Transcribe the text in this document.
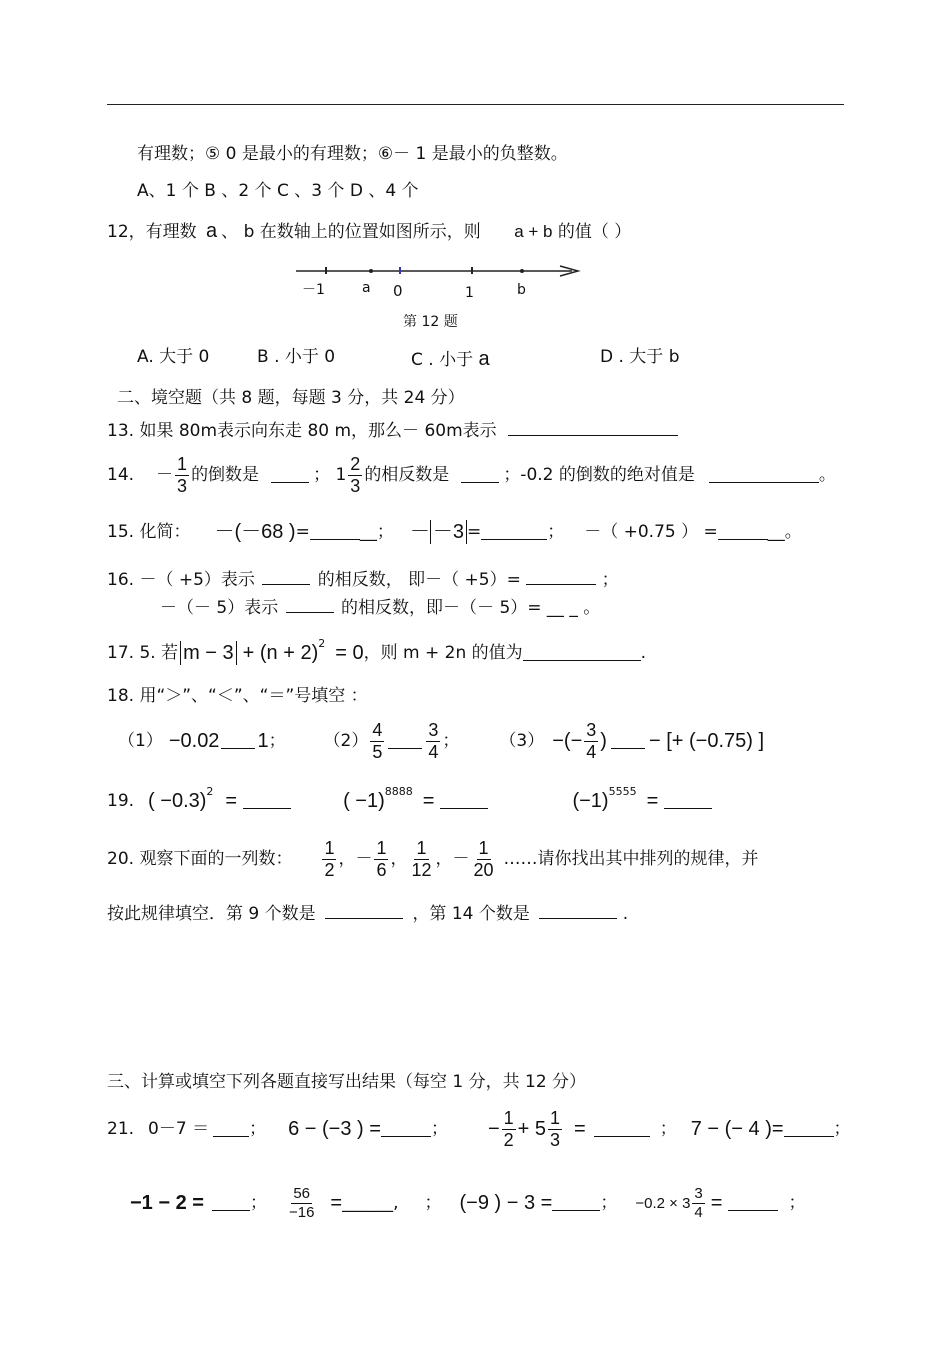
有理数；⑤ 0 是最小的有理数；⑥－ 1 是最小的负整数。
A、1 个 B 、2 个 C 、3 个 D 、4 个
12，有理数 a 、 b 在数轴上的位置如图所示，则 a + b 的值（ ）
－1	a 0	1	b
第 12 题
A. 大于 0	B . 小于 0	C . 小于 a	D . 大于 b
二、境空题（共 8 题，每题 3 分，共 24 分）
13. 如果 80m表示向东走 80 m，那么－ 60m表示
14. － $\frac{1}{3}$ 的倒数是	； $1 \frac{2}{3}$ 的相反数是	；-0.2 的倒数的绝对值是	。
15. 化简： －(－68 ) =	__； － －3 =	； －（ +0.75 ） =	__。
16. －（ +5）表示	的相反数， 即－（ +5）=	；
－（－ 5）表示	的相反数，即－（－ 5）= __ _ 。
17. 5. 若 $m - 3 + (n + 2)^2 = 0$ ，则 m + 2n 的值为	.
18. 用“＞”、“＜”、“＝”号填空 ：
（1） −0.02 1 ； $(2) \frac{4}{5} \frac{3}{4}$ ； （3） −(− $\frac{3}{4}$ ) − [+ (−0.75) ]
19. ( −0.3)$^2$ =	( −1)$^{8888}$ =	$(-1)^{5555}$ =
20. 观察下面的一列数： $\frac{1}{2}$ ，－ $\frac{1}{6}$ ， $\frac{1}{12}$ ，－ $\frac{1}{20}$ ……请你找出其中排列的规律，并
按此规律填空．第 9 个数是	，第 14 个数是	.
三、计算或填空下列各题直接写出结果（每空 1 分，共 12 分）
21. 0－7 ＝ ； 6 − (−3 ) =	； − $\frac{1}{2} + 5 \frac{1}{3}$ =	； 7 − (− 4 )=	；
−1 − 2 =	； $\frac{56}{-16}$ = ______, ； (−9 ) − 3 =	； $-0.2 \times 3 \frac{3}{4}$ =	；
